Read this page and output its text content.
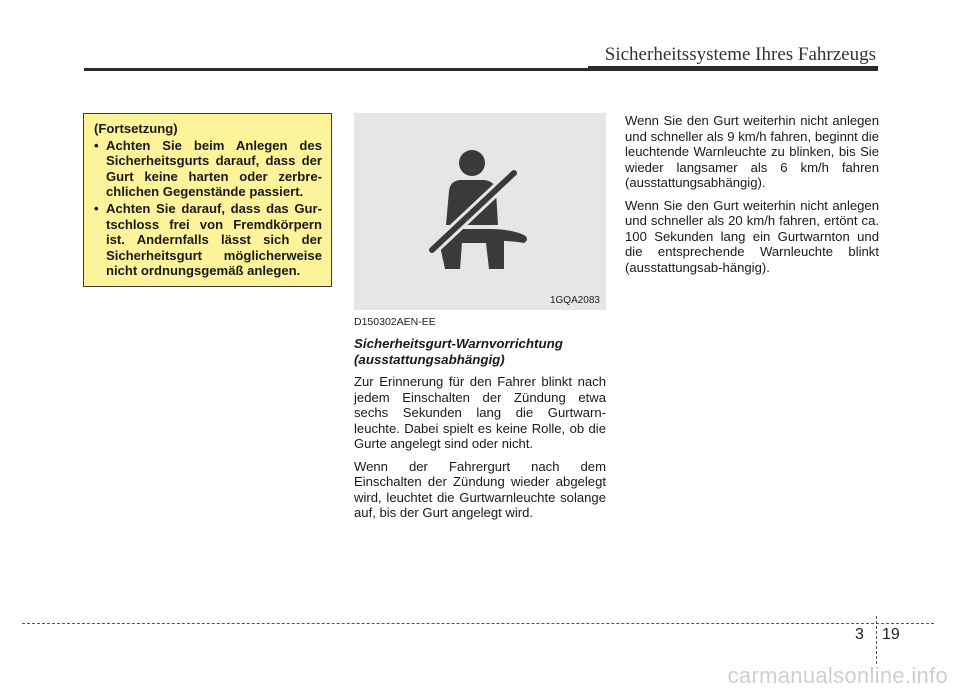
Sicherheitssysteme Ihres Fahrzeugs

(Fortsetzung)

• Achten Sie beim Anlegen des Sicherheitsgurts darauf, dass der Gurt keine harten oder zerbre-chlichen Gegenstände passiert.
• Achten Sie darauf, dass das Gur-tschloss frei von Fremdkörpern ist. Andernfalls lässt sich der Sicherheitsgurt möglicherweise nicht ordnungsgemäß anlegen.
1GQA2083

D150302AEN-EE

Sicherheitsgurt-Warnvorrichtung
(ausstattungsabhängig)

Zur Erinnerung für den Fahrer blinkt nach jedem Einschalten der Zündung etwa sechs Sekunden lang die Gurtwarn-leuchte. Dabei spielt es keine Rolle, ob die Gurte angelegt sind oder nicht.

Wenn der Fahrergurt nach dem Einschalten der Zündung wieder abgelegt wird, leuchtet die Gurtwarnleuchte solange auf, bis der Gurt angelegt wird.

Wenn Sie den Gurt weiterhin nicht anlegen und schneller als 9 km/h fahren, beginnt die leuchtende Warnleuchte zu blinken, bis Sie wieder langsamer als 6 km/h fahren (ausstattungsabhängig).

Wenn Sie den Gurt weiterhin nicht anlegen und schneller als 20 km/h fahren, ertönt ca. 100 Sekunden lang ein Gurtwarnton und die entsprechende Warnleuchte blinkt (ausstattungsab-hängig).

3 19
carmanualsonline.info
